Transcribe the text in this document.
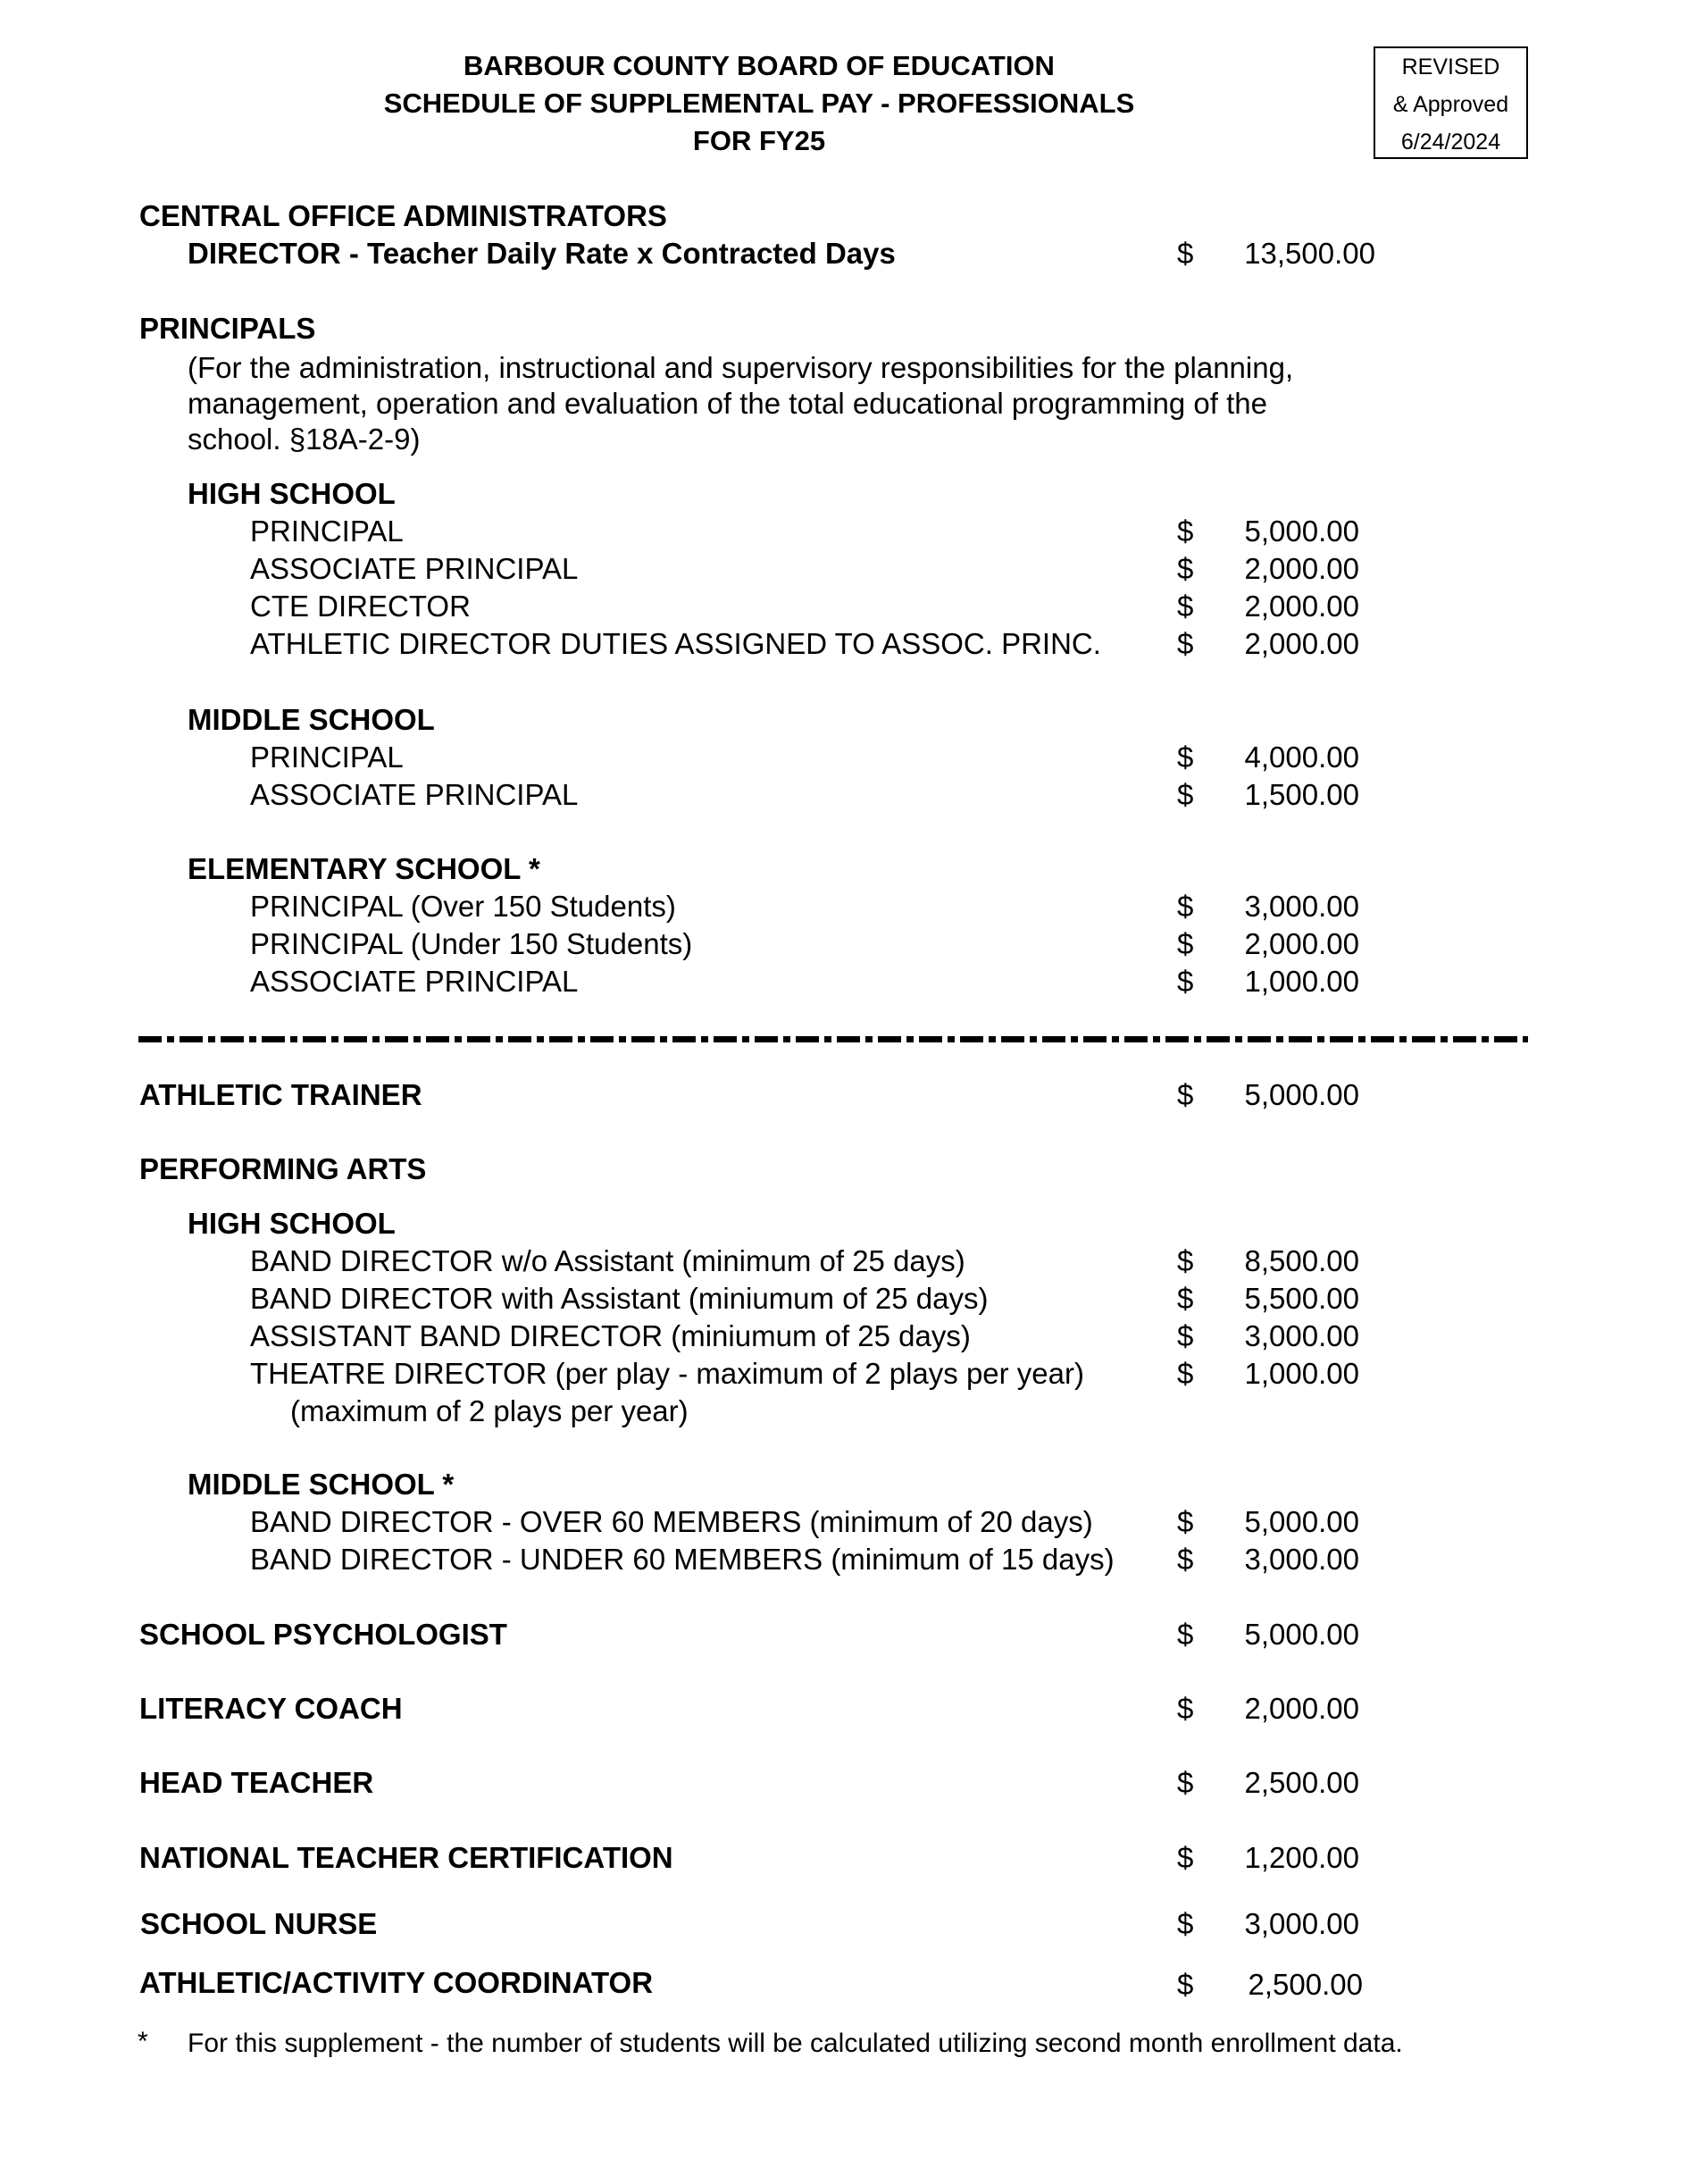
BARBOUR COUNTY BOARD OF EDUCATION
SCHEDULE OF SUPPLEMENTAL PAY - PROFESSIONALS
FOR FY25
REVISED
& Approved
6/24/2024
CENTRAL OFFICE ADMINISTRATORS
DIRECTOR - Teacher Daily Rate x Contracted Days	$	13,500.00
PRINCIPALS
(For the administration, instructional and supervisory responsibilities for the planning,
management, operation and evaluation of the total educational programming of the
school. §18A-2-9)
HIGH SCHOOL
PRINCIPAL	$	5,000.00
ASSOCIATE PRINCIPAL	$	2,000.00
CTE DIRECTOR	$	2,000.00
ATHLETIC DIRECTOR DUTIES ASSIGNED TO ASSOC. PRINC.	$	2,000.00
MIDDLE SCHOOL
PRINCIPAL	$	4,000.00
ASSOCIATE PRINCIPAL	$	1,500.00
ELEMENTARY SCHOOL *
PRINCIPAL (Over 150 Students)	$	3,000.00
PRINCIPAL (Under 150 Students)	$	2,000.00
ASSOCIATE PRINCIPAL	$	1,000.00
ATHLETIC TRAINER	$	5,000.00
PERFORMING ARTS
HIGH SCHOOL
BAND DIRECTOR w/o Assistant (minimum of 25 days)	$	8,500.00
BAND DIRECTOR with Assistant (miniumum of 25 days)	$	5,500.00
ASSISTANT BAND DIRECTOR (miniumum of 25 days)	$	3,000.00
THEATRE DIRECTOR (per play - maximum of 2 plays per year)	$	1,000.00
(maximum of 2 plays per year)
MIDDLE SCHOOL *
BAND DIRECTOR - OVER 60 MEMBERS (minimum of 20 days)	$	5,000.00
BAND DIRECTOR - UNDER 60 MEMBERS (minimum of 15 days) $	3,000.00
SCHOOL PSYCHOLOGIST	$	5,000.00
LITERACY COACH	$	2,000.00
HEAD TEACHER	$	2,500.00
NATIONAL TEACHER CERTIFICATION	$	1,200.00
SCHOOL NURSE	$	3,000.00
ATHLETIC/ACTIVITY COORDINATOR	$	2,500.00
* For this supplement - the number of students will be calculated utilizing second month enrollment data.
